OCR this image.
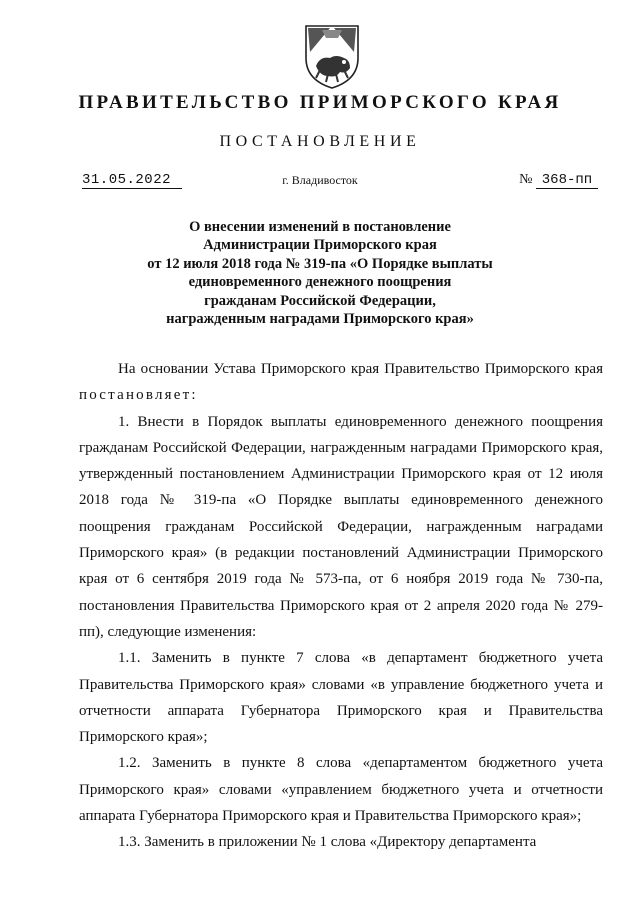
ПРАВИТЕЛЬСТВО ПРИМОРСКОГО КРАЯ
ПОСТАНОВЛЕНИЕ
31.05.2022	г. Владивосток	№ 368-пп
О внесении изменений в постановление
Администрации Приморского края
от 12 июля 2018 года № 319-па «О Порядке выплаты
единовременного денежного поощрения
гражданам Российской Федерации,
награжденным наградами Приморского края»

На основании Устава Приморского края Правительство Приморского края постановляет:

1. Внести в Порядок выплаты единовременного денежного поощрения гражданам Российской Федерации, награжденным наградами Приморского края, утвержденный постановлением Администрации Приморского края от 12 июля 2018 года № 319-па «О Порядке выплаты единовременного денежного поощрения гражданам Российской Федерации, награжденным наградами Приморского края» (в редакции постановлений Администрации Приморского края от 6 сентября 2019 года № 573-па, от 6 ноября 2019 года № 730-па, постановления Правительства Приморского края от 2 апреля 2020 года № 279-пп), следующие изменения:

1.1. Заменить в пункте 7 слова «в департамент бюджетного учета Правительства Приморского края» словами «в управление бюджетного учета и отчетности аппарата Губернатора Приморского края и Правительства Приморского края»;

1.2. Заменить в пункте 8 слова «департаментом бюджетного учета Приморского края» словами «управлением бюджетного учета и отчетности аппарата Губернатора Приморского края и Правительства Приморского края»;

1.3. Заменить в приложении № 1 слова «Директору департамента
